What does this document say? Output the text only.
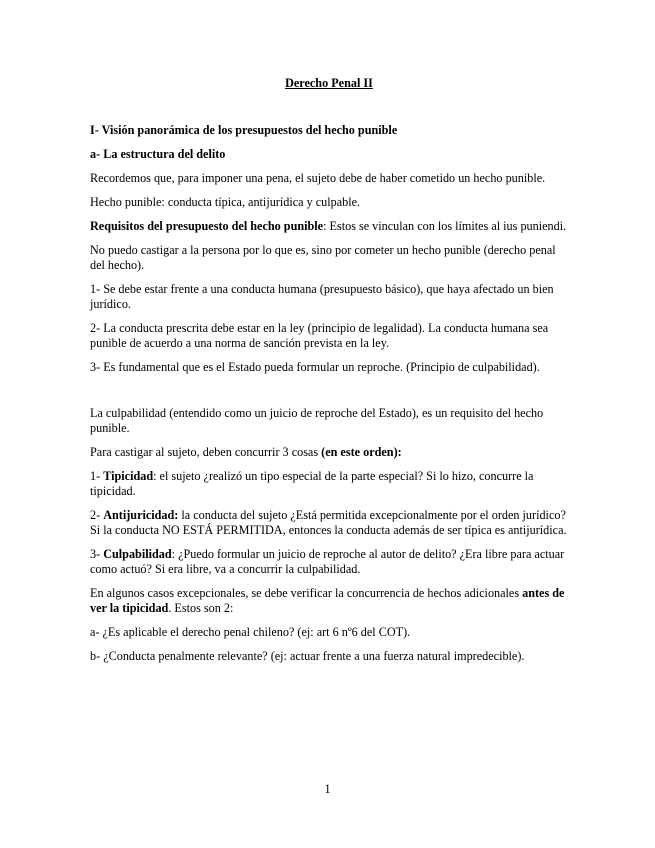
Derecho Penal II
I- Visión panorámica de los presupuestos del hecho punible
a- La estructura del delito

Recordemos que, para imponer una pena, el sujeto debe de haber cometido un hecho punible.

Hecho punible: conducta típica, antijurídica y culpable.

Requisitos del presupuesto del hecho punible: Estos se vinculan con los límites al ius puniendi.

No puedo castigar a la persona por lo que es, sino por cometer un hecho punible (derecho penal del hecho).

1- Se debe estar frente a una conducta humana (presupuesto básico), que haya afectado un bien jurídico.

2- La conducta prescrita debe estar en la ley (principio de legalidad). La conducta humana sea punible de acuerdo a una norma de sanción prevista en la ley.

3- Es fundamental que es el Estado pueda formular un reproche. (Principio de culpabilidad).

La culpabilidad (entendido como un juicio de reproche del Estado), es un requisito del hecho punible.

Para castigar al sujeto, deben concurrir 3 cosas (en este orden):

1- Tipicidad: el sujeto ¿realizó un tipo especial de la parte especial? Si lo hizo, concurre la tipicidad.

2- Antijuricidad: la conducta del sujeto ¿Está permitida excepcionalmente por el orden jurídico? Si la conducta NO ESTÁ PERMITIDA, entonces la conducta además de ser típica es antijurídica.

3- Culpabilidad: ¿Puedo formular un juicio de reproche al autor de delito? ¿Era libre para actuar como actuó? Si era libre, va a concurrir la culpabilidad.

En algunos casos excepcionales, se debe verificar la concurrencia de hechos adicionales antes de ver la tipicidad. Estos son 2:

a- ¿Es aplicable el derecho penal chileno? (ej: art 6 nº6 del COT).

b- ¿Conducta penalmente relevante? (ej: actuar frente a una fuerza natural impredecible).

1
